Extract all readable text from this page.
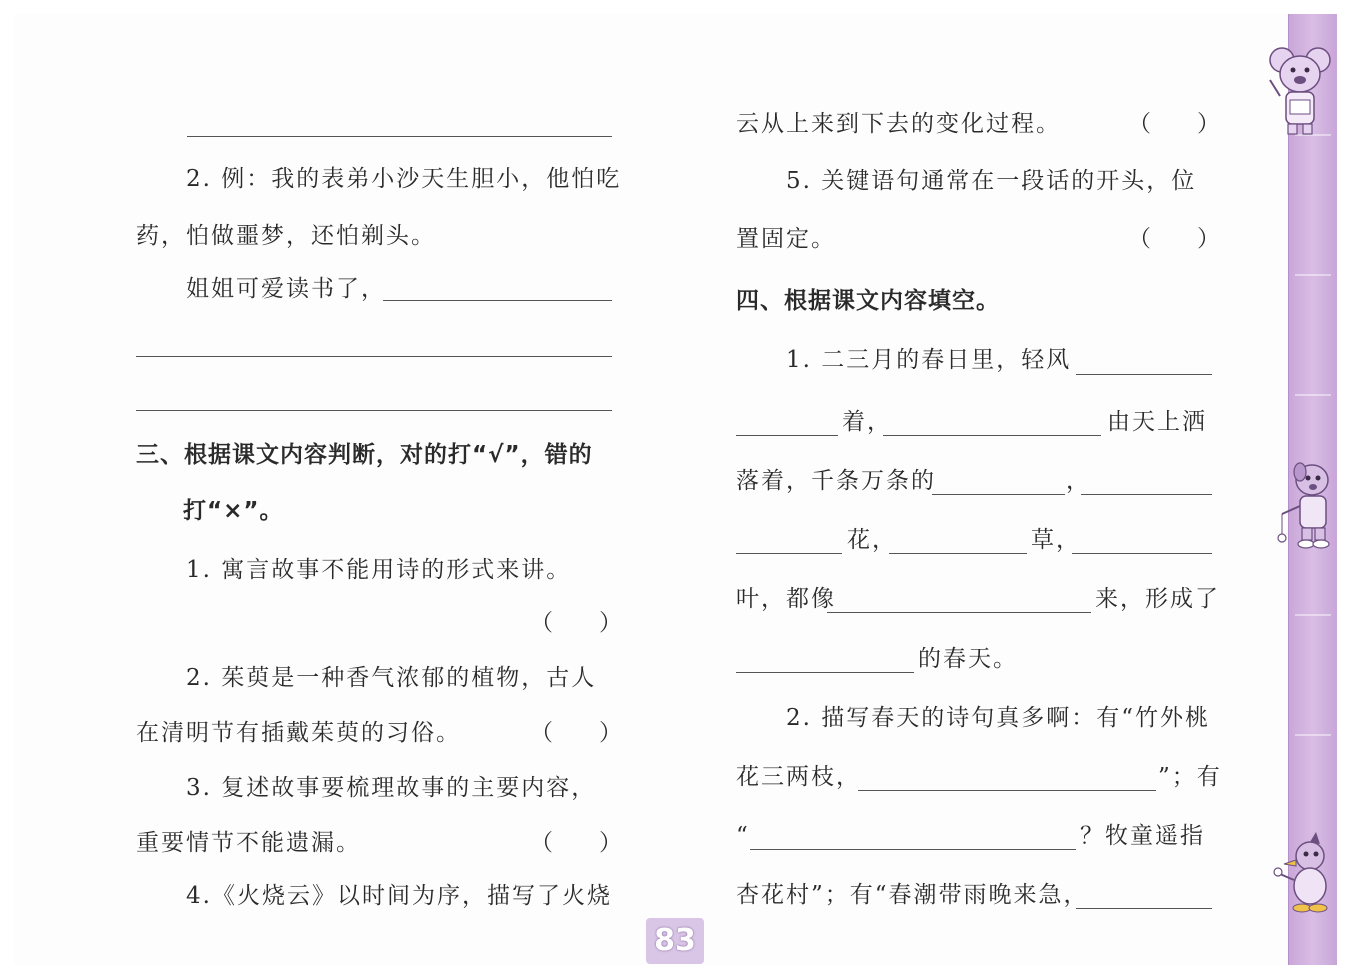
2. 例：我的表弟小沙天生胆小，他怕吃
药，怕做噩梦，还怕剃头。
姐姐可爱读书了，
三、根据课文内容判断，对的打“√”，错的
打“×”。
1. 寓言故事不能用诗的形式来讲。
（　　）
2. 茱萸是一种香气浓郁的植物，古人
在清明节有插戴茱萸的习俗。	（　　）
3. 复述故事要梳理故事的主要内容，
重要情节不能遗漏。	（　　）
4.《火烧云》以时间为序，描写了火烧
云从上来到下去的变化过程。	（　　）
5. 关键语句通常在一段话的开头，位
置固定。	（　　）
四、根据课文内容填空。
1. 二三月的春日里，轻风
着，	由天上洒
落着，千条万条的	，
花，	草，
叶，都像	来，形成了
的春天。
2. 描写春天的诗句真多啊：有“竹外桃
花三两枝，	”；有
“	？牧童遥指
杏花村”；有“春潮带雨晚来急，
83
